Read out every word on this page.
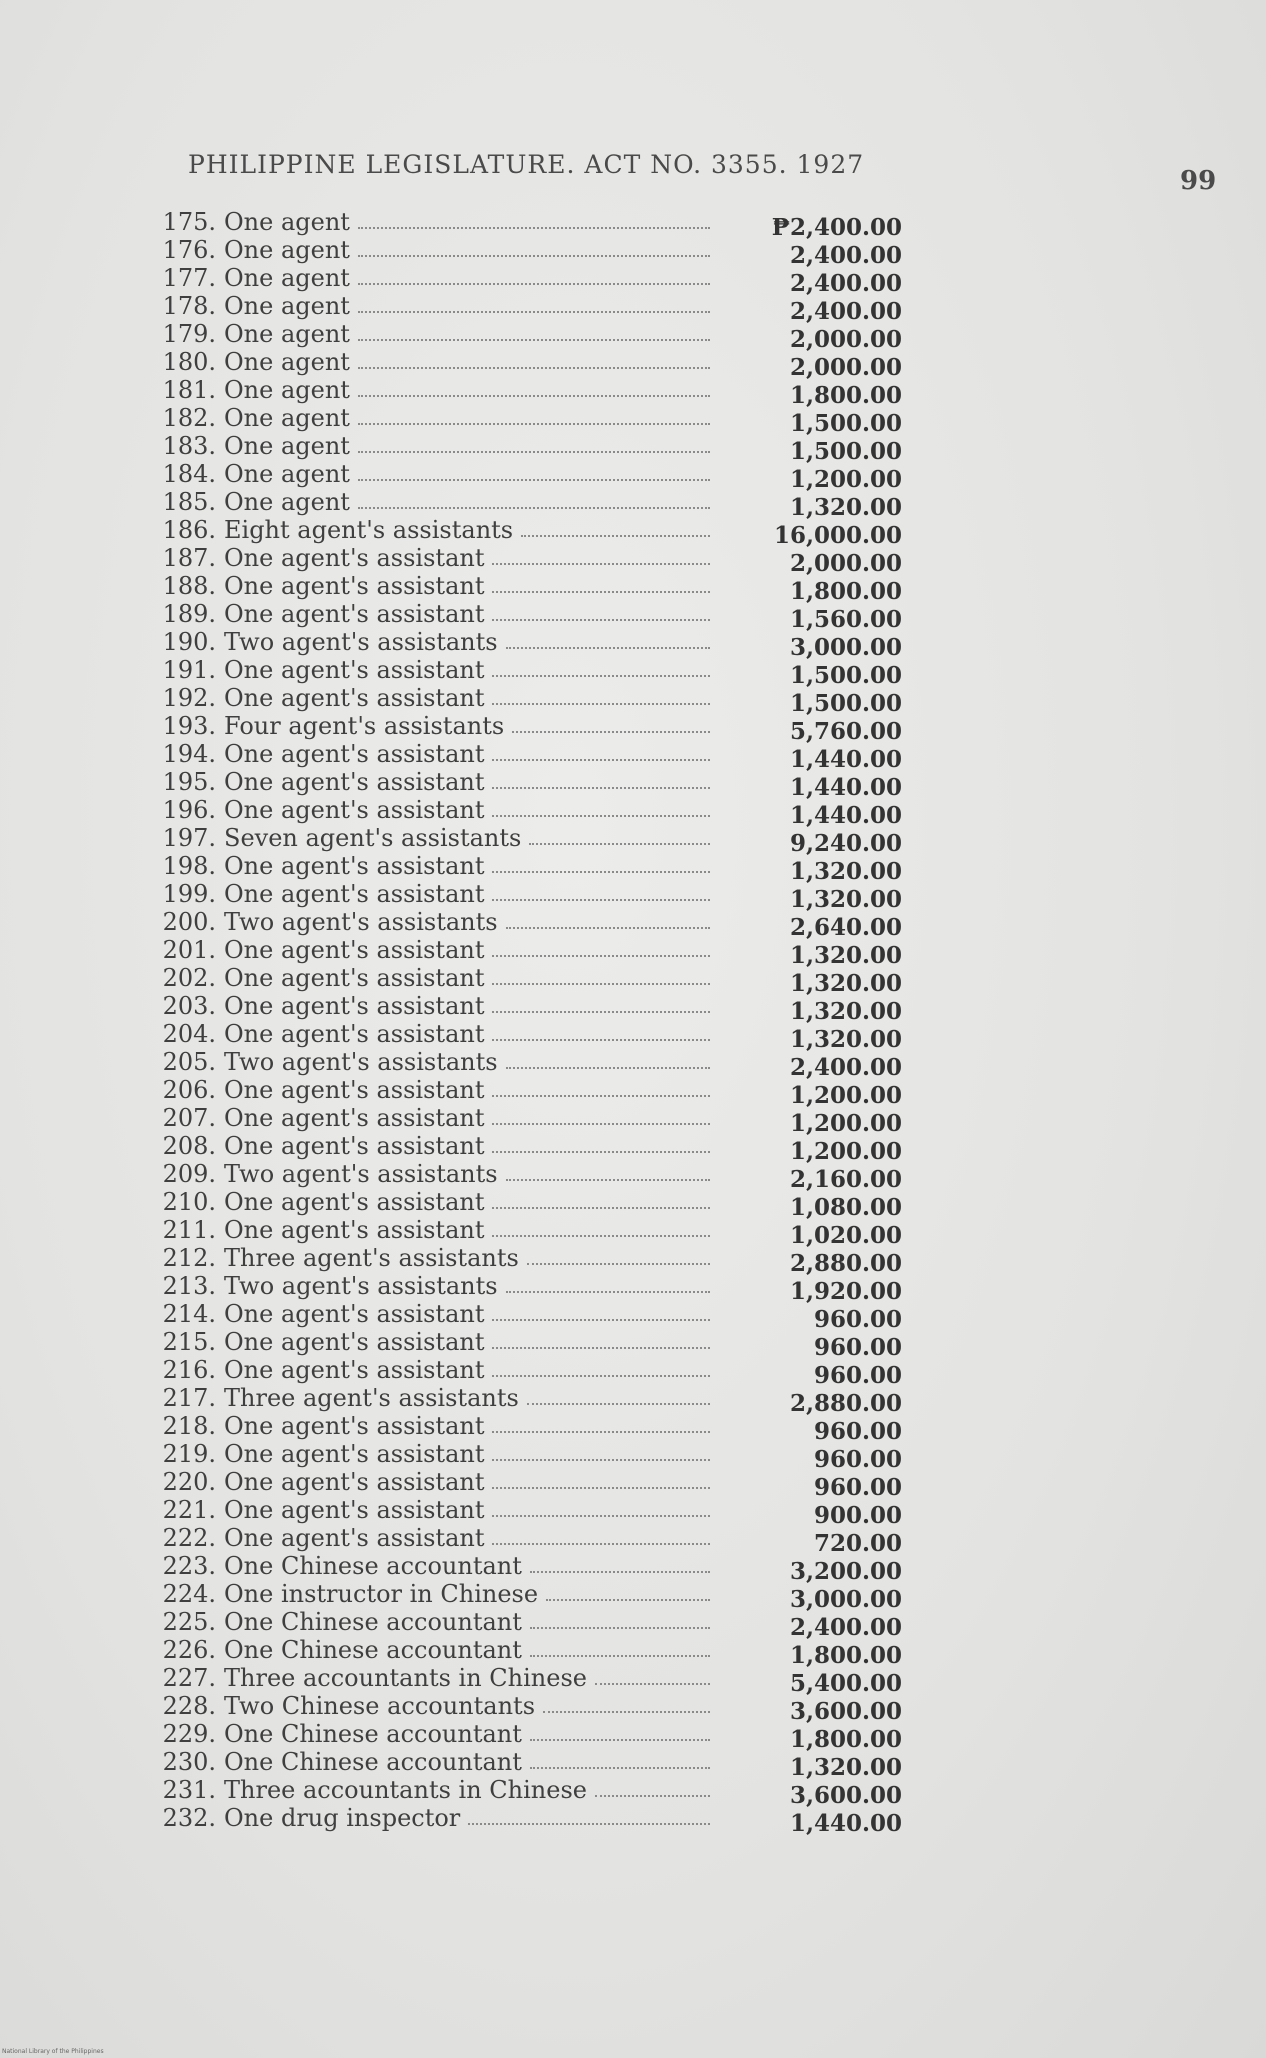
PHILIPPINE LEGISLATURE. ACT NO. 3355. 1927
99
175. One agent	₱2,400.00
176. One agent	2,400.00
177. One agent	2,400.00
178. One agent	2,400.00
179. One agent	2,000.00
180. One agent	2,000.00
181. One agent	1,800.00
182. One agent	1,500.00
183. One agent	1,500.00
184. One agent	1,200.00
185. One agent	1,320.00
186. Eight agent's assistants	16,000.00
187. One agent's assistant	2,000.00
188. One agent's assistant	1,800.00
189. One agent's assistant	1,560.00
190. Two agent's assistants	3,000.00
191. One agent's assistant	1,500.00
192. One agent's assistant	1,500.00
193. Four agent's assistants	5,760.00
194. One agent's assistant	1,440.00
195. One agent's assistant	1,440.00
196. One agent's assistant	1,440.00
197. Seven agent's assistants	9,240.00
198. One agent's assistant	1,320.00
199. One agent's assistant	1,320.00
200. Two agent's assistants	2,640.00
201. One agent's assistant	1,320.00
202. One agent's assistant	1,320.00
203. One agent's assistant	1,320.00
204. One agent's assistant	1,320.00
205. Two agent's assistants	2,400.00
206. One agent's assistant	1,200.00
207. One agent's assistant	1,200.00
208. One agent's assistant	1,200.00
209. Two agent's assistants	2,160.00
210. One agent's assistant	1,080.00
211. One agent's assistant	1,020.00
212. Three agent's assistants	2,880.00
213. Two agent's assistants	1,920.00
214. One agent's assistant	960.00
215. One agent's assistant	960.00
216. One agent's assistant	960.00
217. Three agent's assistants	2,880.00
218. One agent's assistant	960.00
219. One agent's assistant	960.00
220. One agent's assistant	960.00
221. One agent's assistant	900.00
222. One agent's assistant	720.00
223. One Chinese accountant	3,200.00
224. One instructor in Chinese	3,000.00
225. One Chinese accountant	2,400.00
226. One Chinese accountant	1,800.00
227. Three accountants in Chinese	5,400.00
228. Two Chinese accountants	3,600.00
229. One Chinese accountant	1,800.00
230. One Chinese accountant	1,320.00
231. Three accountants in Chinese	3,600.00
232. One drug inspector	1,440.00
National Library of the Philippines
